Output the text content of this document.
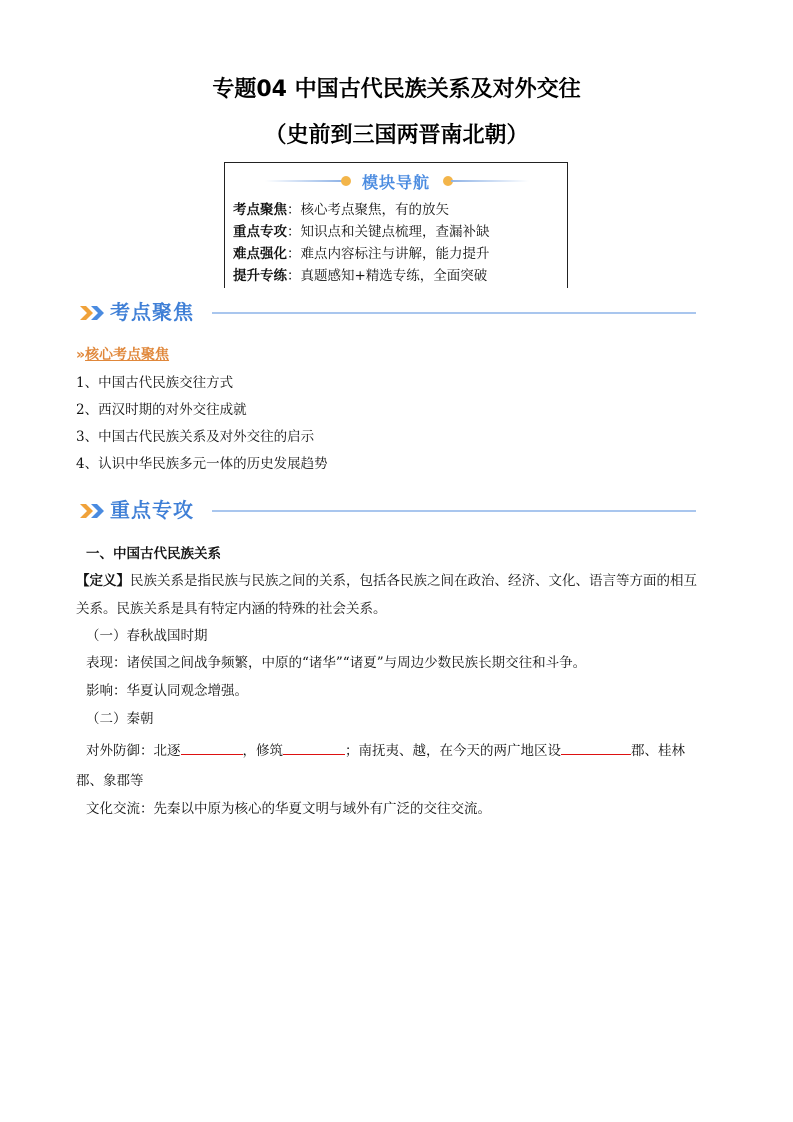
专题04 中国古代民族关系及对外交往
（史前到三国两晋南北朝）
模块导航
考点聚焦：核心考点聚焦，有的放矢
重点专攻：知识点和关键点梳理，查漏补缺
难点强化：难点内容标注与讲解，能力提升
提升专练：真题感知+精选专练，全面突破
考点聚焦
»核心考点聚焦
1、中国古代民族交往方式
2、西汉时期的对外交往成就
3、中国古代民族关系及对外交往的启示
4、认识中华民族多元一体的历史发展趋势
重点专攻
一、中国古代民族关系
【定义】民族关系是指民族与民族之间的关系，包括各民族之间在政治、经济、文化、语言等方面的相互
关系。民族关系是具有特定内涵的特殊的社会关系。
（一）春秋战国时期
表现：诸侯国之间战争频繁，中原的“诸华”“诸夏”与周边少数民族长期交往和斗争。
影响：华夏认同观念增强。
（二）秦朝
对外防御：北逐	，修筑	；南抚夷、越，在今天的两广地区设	郡、桂林
郡、象郡等
文化交流：先秦以中原为核心的华夏文明与域外有广泛的交往交流。
